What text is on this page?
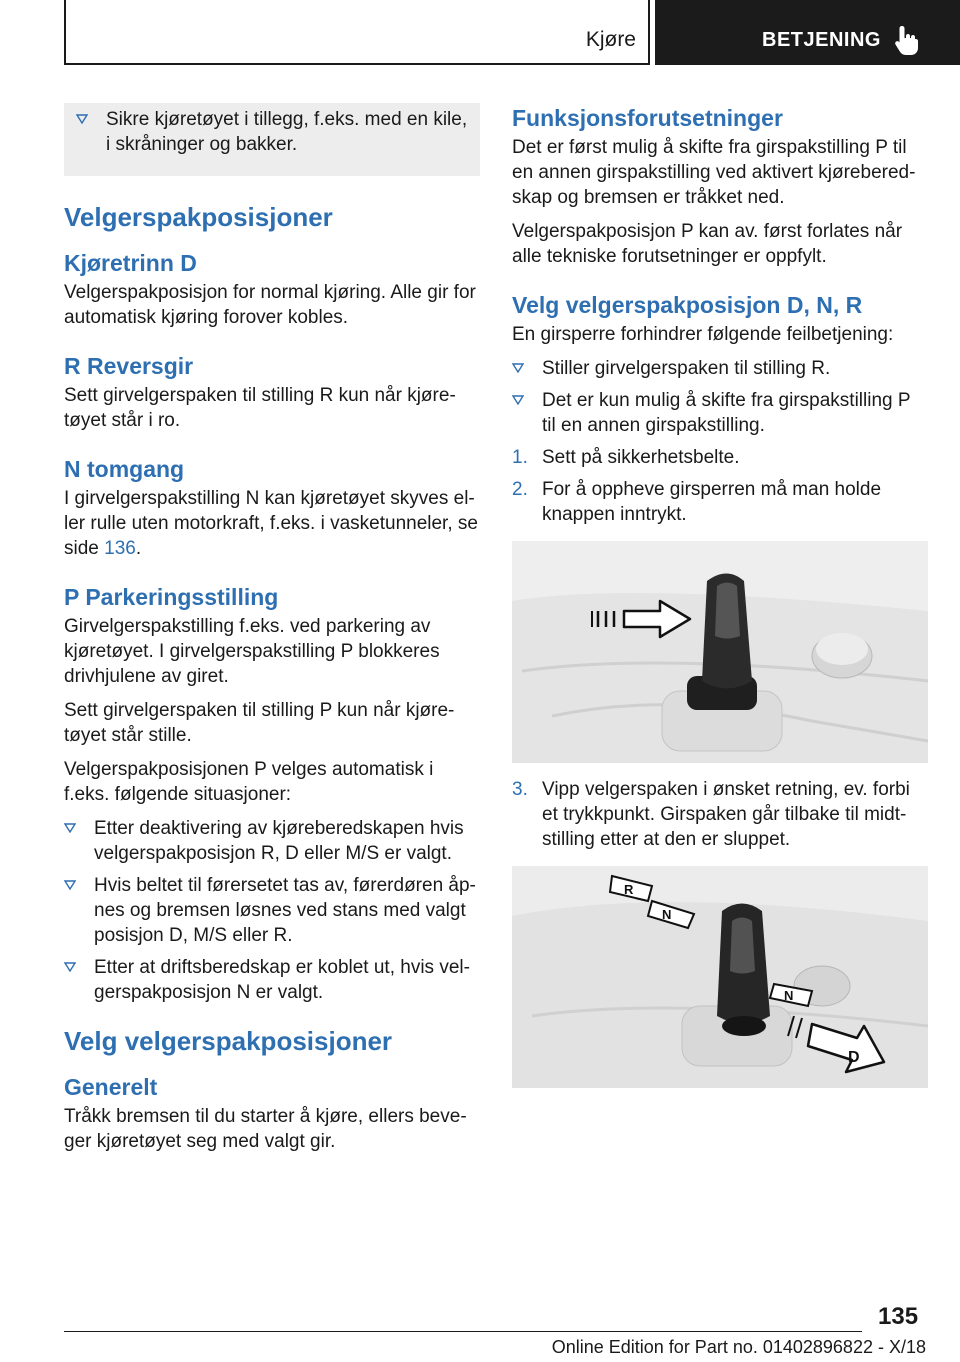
Kjøre	BETJENING
Sikre kjøretøyet i tillegg, f.eks. med en kile, i skråninger og bakker.
Velgerspakposisjoner
Kjøretrinn D
Velgerspakposisjon for normal kjøring. Alle gir for automatisk kjøring forover kobles.
R Reversgir
Sett girvelgerspaken til stilling R kun når kjøretøyet står i ro.
N tomgang
I girvelgerspakstilling N kan kjøretøyet skyves eller rulle uten motorkraft, f.eks. i vasketunneler, se side 136.
P Parkeringsstilling
Girvelgerspakstilling f.eks. ved parkering av kjøretøyet. I girvelgerspakstilling P blokkeres drivhjulene av giret.
Sett girvelgerspaken til stilling P kun når kjøretøyet står stille.
Velgerspakposisjonen P velges automatisk i f.eks. følgende situasjoner:
Etter deaktivering av kjøreberedskapen hvis velgerspakposisjon R, D eller M/S er valgt.
Hvis beltet til førersetet tas av, førerdøren åpnes og bremsen løsnes ved stans med valgt posisjon D, M/S eller R.
Etter at driftsberedskap er koblet ut, hvis velgerspakposisjon N er valgt.
Velg velgerspakposisjoner
Generelt
Tråkk bremsen til du starter å kjøre, ellers beveger kjøretøyet seg med valgt gir.
Funksjonsforutsetninger
Det er først mulig å skifte fra girspakstilling P til en annen girspakstilling ved aktivert kjøreberedskap og bremsen er tråkket ned.
Velgerspakposisjon P kan av. først forlates når alle tekniske forutsetninger er oppfylt.
Velg velgerspakposisjon D, N, R
En girsperre forhindrer følgende feilbetjening:
Stiller girvelgerspaken til stilling R.
Det er kun mulig å skifte fra girspakstilling P til en annen girspakstilling.
1. Sett på sikkerhetsbelte.
2. For å oppheve girsperren må man holde knappen inntrykt.
3. Vipp velgerspaken i ønsket retning, ev. forbi et trykkpunkt. Girspaken går tilbake til midtstilling etter at den er sluppet.
R
N
N
D
135
Online Edition for Part no. 01402896822 - X/18
